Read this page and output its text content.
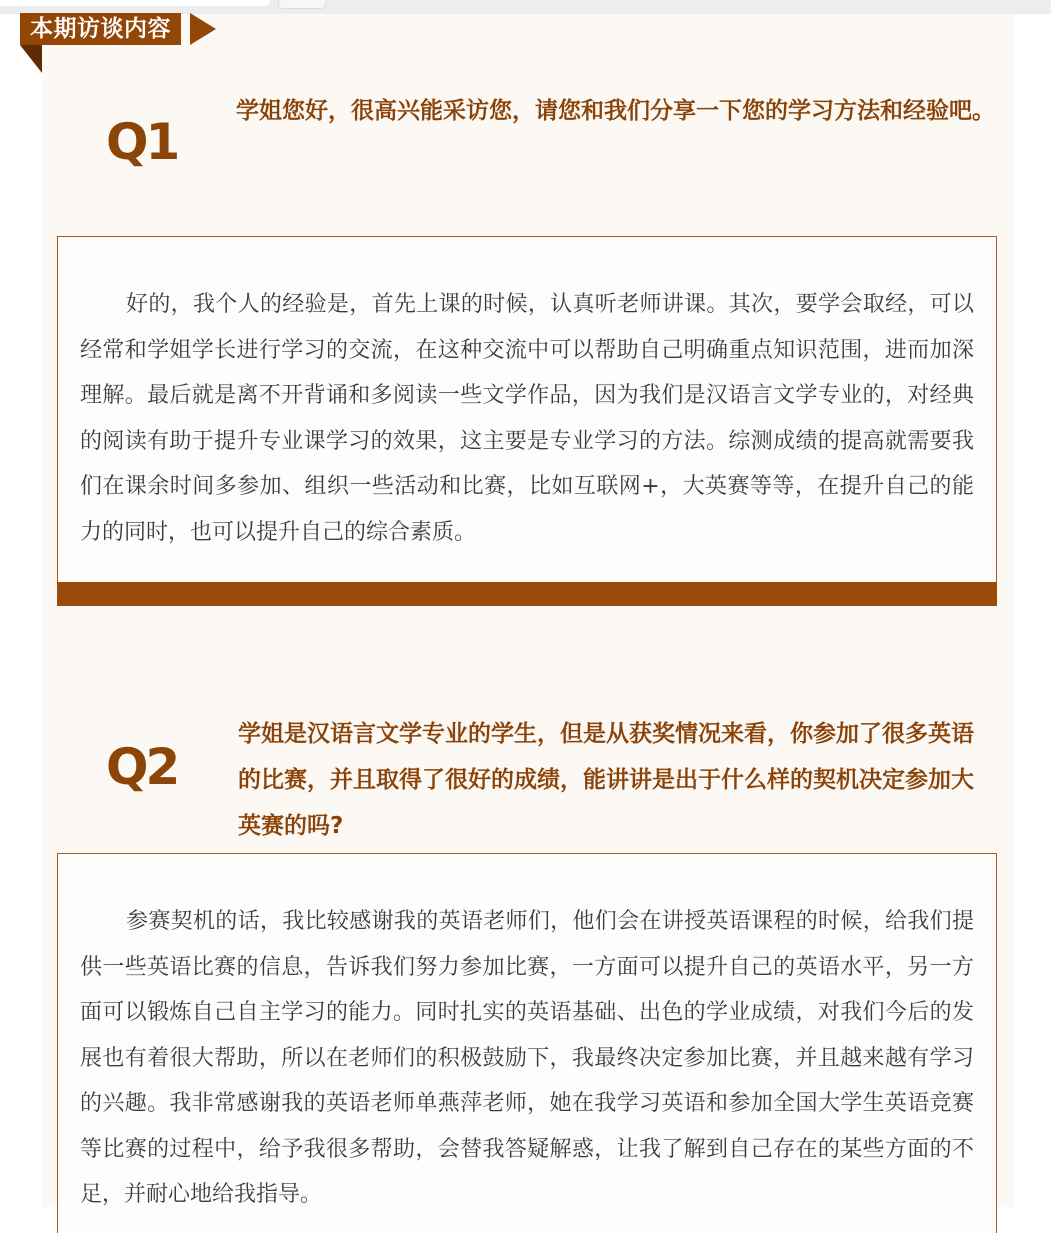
本期访谈内容
Q1

学姐您好，很高兴能采访您，请您和我们分享一下您的学习方法和经验吧。

好的，我个人的经验是，首先上课的时候，认真听老师讲课。其次，要学会取经，可以经常和学姐学长进行学习的交流，在这种交流中可以帮助自己明确重点知识范围，进而加深理解。最后就是离不开背诵和多阅读一些文学作品，因为我们是汉语言文学专业的，对经典的阅读有助于提升专业课学习的效果，这主要是专业学习的方法。综测成绩的提高就需要我们在课余时间多参加、组织一些活动和比赛，比如互联网+，大英赛等等，在提升自己的能力的同时，也可以提升自己的综合素质。

Q2

学姐是汉语言文学专业的学生，但是从获奖情况来看，你参加了很多英语的比赛，并且取得了很好的成绩，能讲讲是出于什么样的契机决定参加大英赛的吗?

参赛契机的话，我比较感谢我的英语老师们，他们会在讲授英语课程的时候，给我们提供一些英语比赛的信息，告诉我们努力参加比赛，一方面可以提升自己的英语水平，另一方面可以锻炼自己自主学习的能力。同时扎实的英语基础、出色的学业成绩，对我们今后的发展也有着很大帮助，所以在老师们的积极鼓励下，我最终决定参加比赛，并且越来越有学习的兴趣。我非常感谢我的英语老师单燕萍老师，她在我学习英语和参加全国大学生英语竞赛等比赛的过程中，给予我很多帮助，会替我答疑解惑，让我了解到自己存在的某些方面的不足，并耐心地给我指导。
